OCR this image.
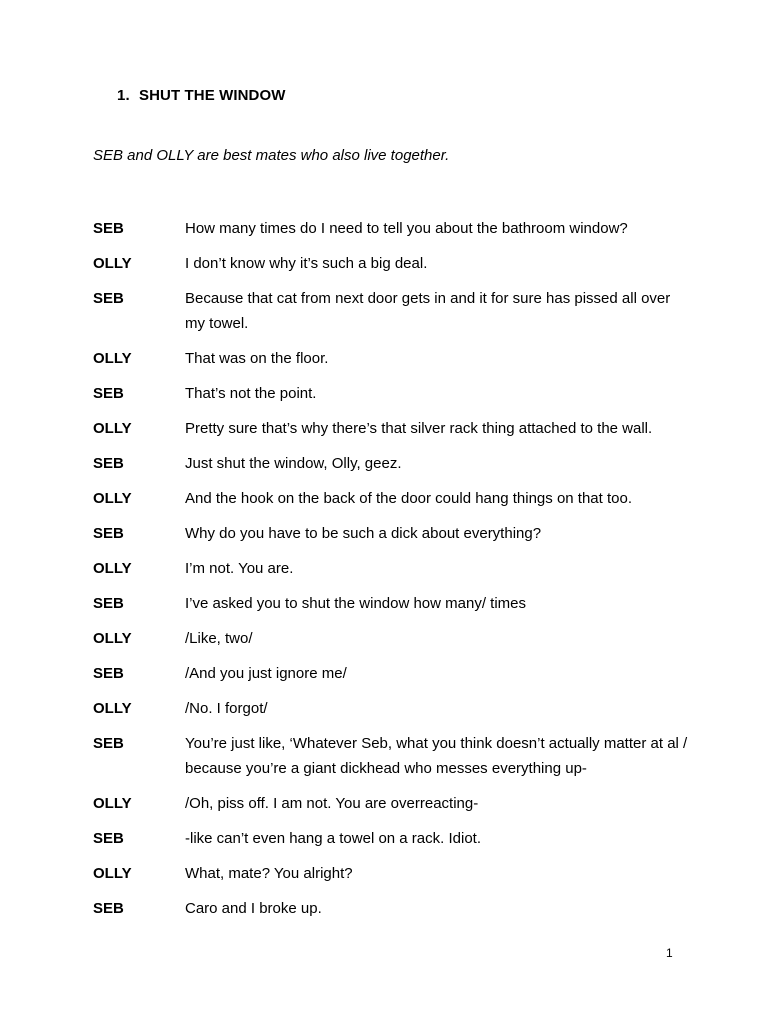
1. SHUT THE WINDOW
SEB and OLLY are best mates who also live together.
SEB	How many times do I need to tell you about the bathroom window?
OLLY	I don’t know why it’s such a big deal.
SEB	Because that cat from next door gets in and it for sure has pissed all over my towel.
OLLY	That was on the floor.
SEB	That’s not the point.
OLLY	Pretty sure that’s why there’s that silver rack thing attached to the wall.
SEB	Just shut the window, Olly, geez.
OLLY	And the hook on the back of the door could hang things on that too.
SEB	Why do you have to be such a dick about everything?
OLLY	I’m not. You are.
SEB	I’ve asked you to shut the window how many/ times
OLLY	/Like, two/
SEB	/And you just ignore me/
OLLY	/No. I forgot/
SEB	You’re just like, ‘Whatever Seb, what you think doesn’t actually matter at al / because you’re a giant dickhead who messes everything up-
OLLY	/Oh, piss off. I am not. You are overreacting-
SEB	-like can’t even hang a towel on a rack. Idiot.
OLLY	What, mate? You alright?
SEB	Caro and I broke up.
1
